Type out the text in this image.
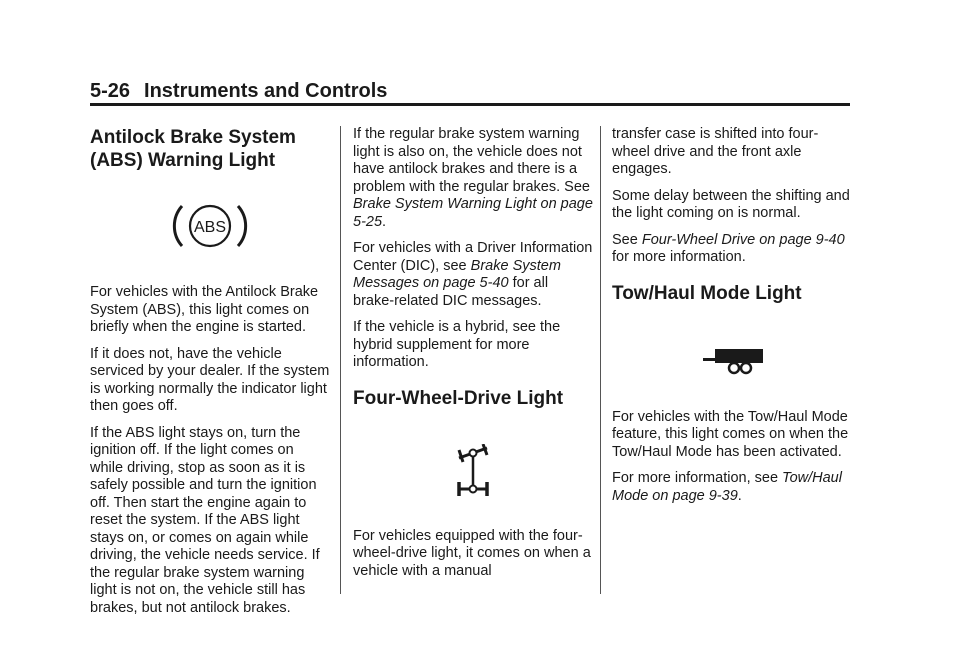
5-26 Instruments and Controls
Antilock Brake System (ABS) Warning Light
ABS

For vehicles with the Antilock Brake System (ABS), this light comes on briefly when the engine is started.

If it does not, have the vehicle serviced by your dealer. If the system is working normally the indicator light then goes off.

If the ABS light stays on, turn the ignition off. If the light comes on while driving, stop as soon as it is safely possible and turn the ignition off. Then start the engine again to reset the system. If the ABS light stays on, or comes on again while driving, the vehicle needs service. If the regular brake system warning light is not on, the vehicle still has brakes, but not antilock brakes.

If the regular brake system warning light is also on, the vehicle does not have antilock brakes and there is a problem with the regular brakes. See Brake System Warning Light on page 5-25.

For vehicles with a Driver Information Center (DIC), see Brake System Messages on page 5-40 for all brake-related DIC messages.

If the vehicle is a hybrid, see the hybrid supplement for more information.

Four-Wheel-Drive Light

For vehicles equipped with the four-wheel-drive light, it comes on when a vehicle with a manual

transfer case is shifted into four-wheel drive and the front axle engages.

Some delay between the shifting and the light coming on is normal.

See Four-Wheel Drive on page 9-40 for more information.

Tow/Haul Mode Light

For vehicles with the Tow/Haul Mode feature, this light comes on when the Tow/Haul Mode has been activated.

For more information, see Tow/Haul Mode on page 9-39.
